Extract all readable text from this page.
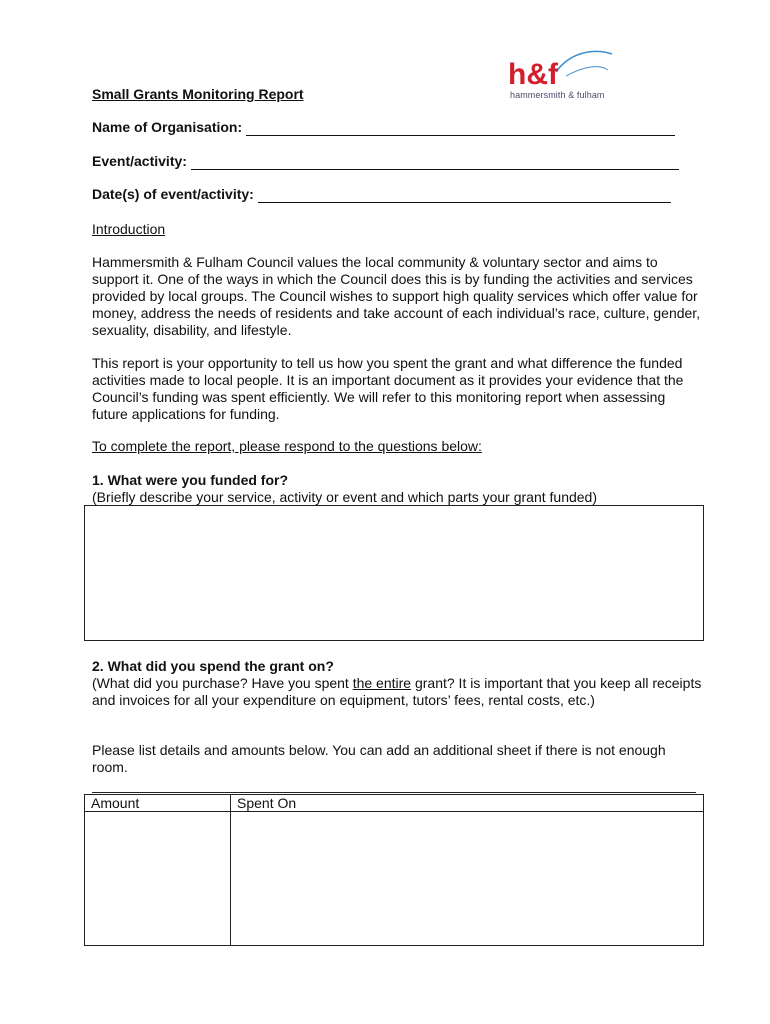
h&f
hammersmith & fulham
Small Grants Monitoring Report
Name of Organisation:
Event/activity:
Date(s) of event/activity:
Introduction
Hammersmith & Fulham Council values the local community & voluntary sector and aims to support it. One of the ways in which the Council does this is by funding the activities and services provided by local groups. The Council wishes to support high quality services which offer value for money, address the needs of residents and take account of each individual’s race, culture, gender, sexuality, disability, and lifestyle.
This report is your opportunity to tell us how you spent the grant and what difference the funded activities made to local people. It is an important document as it provides your evidence that the Council’s funding was spent efficiently. We will refer to this monitoring report when assessing future applications for funding.
To complete the report, please respond to the questions below:
1. What were you funded for?
(Briefly describe your service, activity or event and which parts your grant funded)
2. What did you spend the grant on?
(What did you purchase? Have you spent the entire grant? It is important that you keep all receipts and invoices for all your expenditure on equipment, tutors’ fees, rental costs, etc.)
Please list details and amounts below. You can add an additional sheet if there is not enough room.
Amount	Spent On
